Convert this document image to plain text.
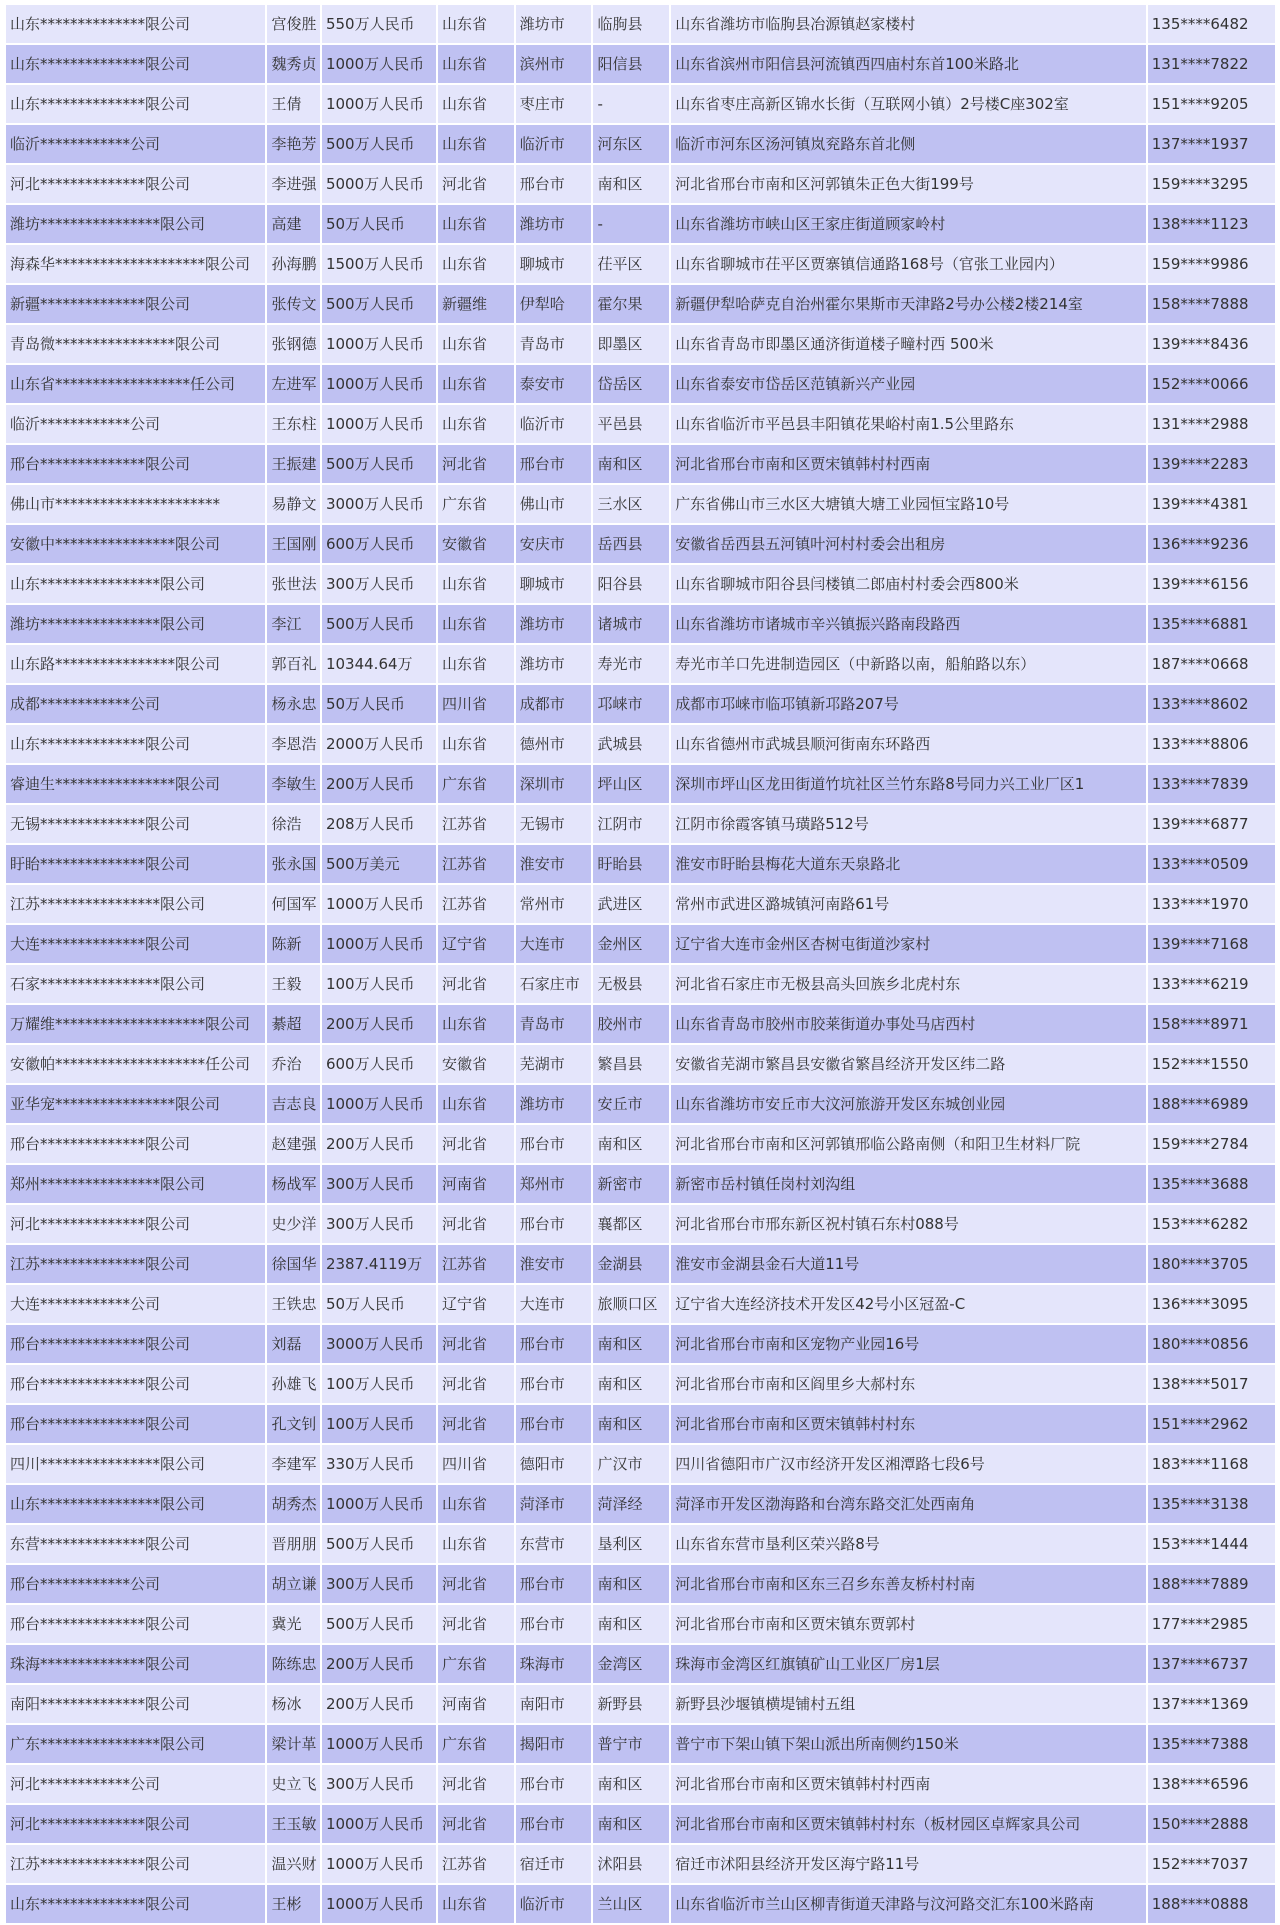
山东**************限公司	宫俊胜	550万人民币	山东省	潍坊市	临朐县	山东省潍坊市临朐县冶源镇赵家楼村	135****6482
山东**************限公司	魏秀贞	1000万人民币	山东省	滨州市	阳信县	山东省滨州市阳信县河流镇西四庙村东首100米路北	131****7822
山东**************限公司	王倩	1000万人民币	山东省	枣庄市	-	山东省枣庄高新区锦水长街（互联网小镇）2号楼C座302室	151****9205
临沂************公司	李艳芳	500万人民币	山东省	临沂市	河东区	临沂市河东区汤河镇岚兖路东首北侧	137****1937
河北**************限公司	李进强	5000万人民币	河北省	邢台市	南和区	河北省邢台市南和区河郭镇朱正色大街199号	159****3295
潍坊****************限公司	高建	50万人民币	山东省	潍坊市	-	山东省潍坊市峡山区王家庄街道顾家岭村	138****1123
海森华********************限公司	孙海鹏	1500万人民币	山东省	聊城市	茌平区	山东省聊城市茌平区贾寨镇信通路168号（官张工业园内）	159****9986
新疆**************限公司	张传文	500万人民币	新疆维	伊犁哈	霍尔果	新疆伊犁哈萨克自治州霍尔果斯市天津路2号办公楼2楼214室	158****7888
青岛微****************限公司	张钢德	1000万人民币	山东省	青岛市	即墨区	山东省青岛市即墨区通济街道楼子疃村西 500米	139****8436
山东省******************任公司	左进军	1000万人民币	山东省	泰安市	岱岳区	山东省泰安市岱岳区范镇新兴产业园	152****0066
临沂************公司	王东柱	1000万人民币	山东省	临沂市	平邑县	山东省临沂市平邑县丰阳镇花果峪村南1.5公里路东	131****2988
邢台**************限公司	王振建	500万人民币	河北省	邢台市	南和区	河北省邢台市南和区贾宋镇韩村村西南	139****2283
佛山市**********************	易静文	3000万人民币	广东省	佛山市	三水区	广东省佛山市三水区大塘镇大塘工业园恒宝路10号	139****4381
安徽中****************限公司	王国刚	600万人民币	安徽省	安庆市	岳西县	安徽省岳西县五河镇叶河村村委会出租房	136****9236
山东****************限公司	张世法	300万人民币	山东省	聊城市	阳谷县	山东省聊城市阳谷县闫楼镇二郎庙村村委会西800米	139****6156
潍坊****************限公司	李江	500万人民币	山东省	潍坊市	诸城市	山东省潍坊市诸城市辛兴镇振兴路南段路西	135****6881
山东路****************限公司	郭百礼	10344.64万	山东省	潍坊市	寿光市	寿光市羊口先进制造园区（中新路以南，船舶路以东）	187****0668
成都************公司	杨永忠	50万人民币	四川省	成都市	邛崃市	成都市邛崃市临邛镇新邛路207号	133****8602
山东**************限公司	李恩浩	2000万人民币	山东省	德州市	武城县	山东省德州市武城县顺河街南东环路西	133****8806
睿迪生****************限公司	李敏生	200万人民币	广东省	深圳市	坪山区	深圳市坪山区龙田街道竹坑社区兰竹东路8号同力兴工业厂区1	133****7839
无锡**************限公司	徐浩	208万人民币	江苏省	无锡市	江阴市	江阴市徐霞客镇马璜路512号	139****6877
盱眙**************限公司	张永国	500万美元	江苏省	淮安市	盱眙县	淮安市盱眙县梅花大道东天泉路北	133****0509
江苏****************限公司	何国军	1000万人民币	江苏省	常州市	武进区	常州市武进区潞城镇河南路61号	133****1970
大连**************限公司	陈新	1000万人民币	辽宁省	大连市	金州区	辽宁省大连市金州区杏树屯街道沙家村	139****7168
石家****************限公司	王毅	100万人民币	河北省	石家庄市	无极县	河北省石家庄市无极县高头回族乡北虎村东	133****6219
万耀维********************限公司	綦超	200万人民币	山东省	青岛市	胶州市	山东省青岛市胶州市胶莱街道办事处马店西村	158****8971
安徽帕********************任公司	乔治	600万人民币	安徽省	芜湖市	繁昌县	安徽省芜湖市繁昌县安徽省繁昌经济开发区纬二路	152****1550
亚华宠****************限公司	吉志良	1000万人民币	山东省	潍坊市	安丘市	山东省潍坊市安丘市大汶河旅游开发区东城创业园	188****6989
邢台**************限公司	赵建强	200万人民币	河北省	邢台市	南和区	河北省邢台市南和区河郭镇邢临公路南侧（和阳卫生材料厂院	159****2784
郑州****************限公司	杨战军	300万人民币	河南省	郑州市	新密市	新密市岳村镇任岗村刘沟组	135****3688
河北**************限公司	史少洋	300万人民币	河北省	邢台市	襄都区	河北省邢台市邢东新区祝村镇石东村088号	153****6282
江苏**************限公司	徐国华	2387.4119万	江苏省	淮安市	金湖县	淮安市金湖县金石大道11号	180****3705
大连************公司	王铁忠	50万人民币	辽宁省	大连市	旅顺口区	辽宁省大连经济技术开发区42号小区冠盈-C	136****3095
邢台**************限公司	刘磊	3000万人民币	河北省	邢台市	南和区	河北省邢台市南和区宠物产业园16号	180****0856
邢台**************限公司	孙雄飞	100万人民币	河北省	邢台市	南和区	河北省邢台市南和区阎里乡大郝村东	138****5017
邢台**************限公司	孔文钊	100万人民币	河北省	邢台市	南和区	河北省邢台市南和区贾宋镇韩村村东	151****2962
四川****************限公司	李建军	330万人民币	四川省	德阳市	广汉市	四川省德阳市广汉市经济开发区湘潭路七段6号	183****1168
山东****************限公司	胡秀杰	1000万人民币	山东省	菏泽市	菏泽经	菏泽市开发区渤海路和台湾东路交汇处西南角	135****3138
东营**************限公司	晋朋朋	500万人民币	山东省	东营市	垦利区	山东省东营市垦利区荣兴路8号	153****1444
邢台************公司	胡立谦	300万人民币	河北省	邢台市	南和区	河北省邢台市南和区东三召乡东善友桥村村南	188****7889
邢台**************限公司	冀光	500万人民币	河北省	邢台市	南和区	河北省邢台市南和区贾宋镇东贾郭村	177****2985
珠海**************限公司	陈练忠	200万人民币	广东省	珠海市	金湾区	珠海市金湾区红旗镇矿山工业区厂房1层	137****6737
南阳**************限公司	杨冰	200万人民币	河南省	南阳市	新野县	新野县沙堰镇横堤铺村五组	137****1369
广东****************限公司	梁计革	1000万人民币	广东省	揭阳市	普宁市	普宁市下架山镇下架山派出所南侧约150米	135****7388
河北************公司	史立飞	300万人民币	河北省	邢台市	南和区	河北省邢台市南和区贾宋镇韩村村西南	138****6596
河北**************限公司	王玉敏	1000万人民币	河北省	邢台市	南和区	河北省邢台市南和区贾宋镇韩村村东（板材园区卓辉家具公司	150****2888
江苏**************限公司	温兴财	1000万人民币	江苏省	宿迁市	沭阳县	宿迁市沭阳县经济开发区海宁路11号	152****7037
山东**************限公司	王彬	1000万人民币	山东省	临沂市	兰山区	山东省临沂市兰山区柳青街道天津路与汶河路交汇东100米路南	188****0888
